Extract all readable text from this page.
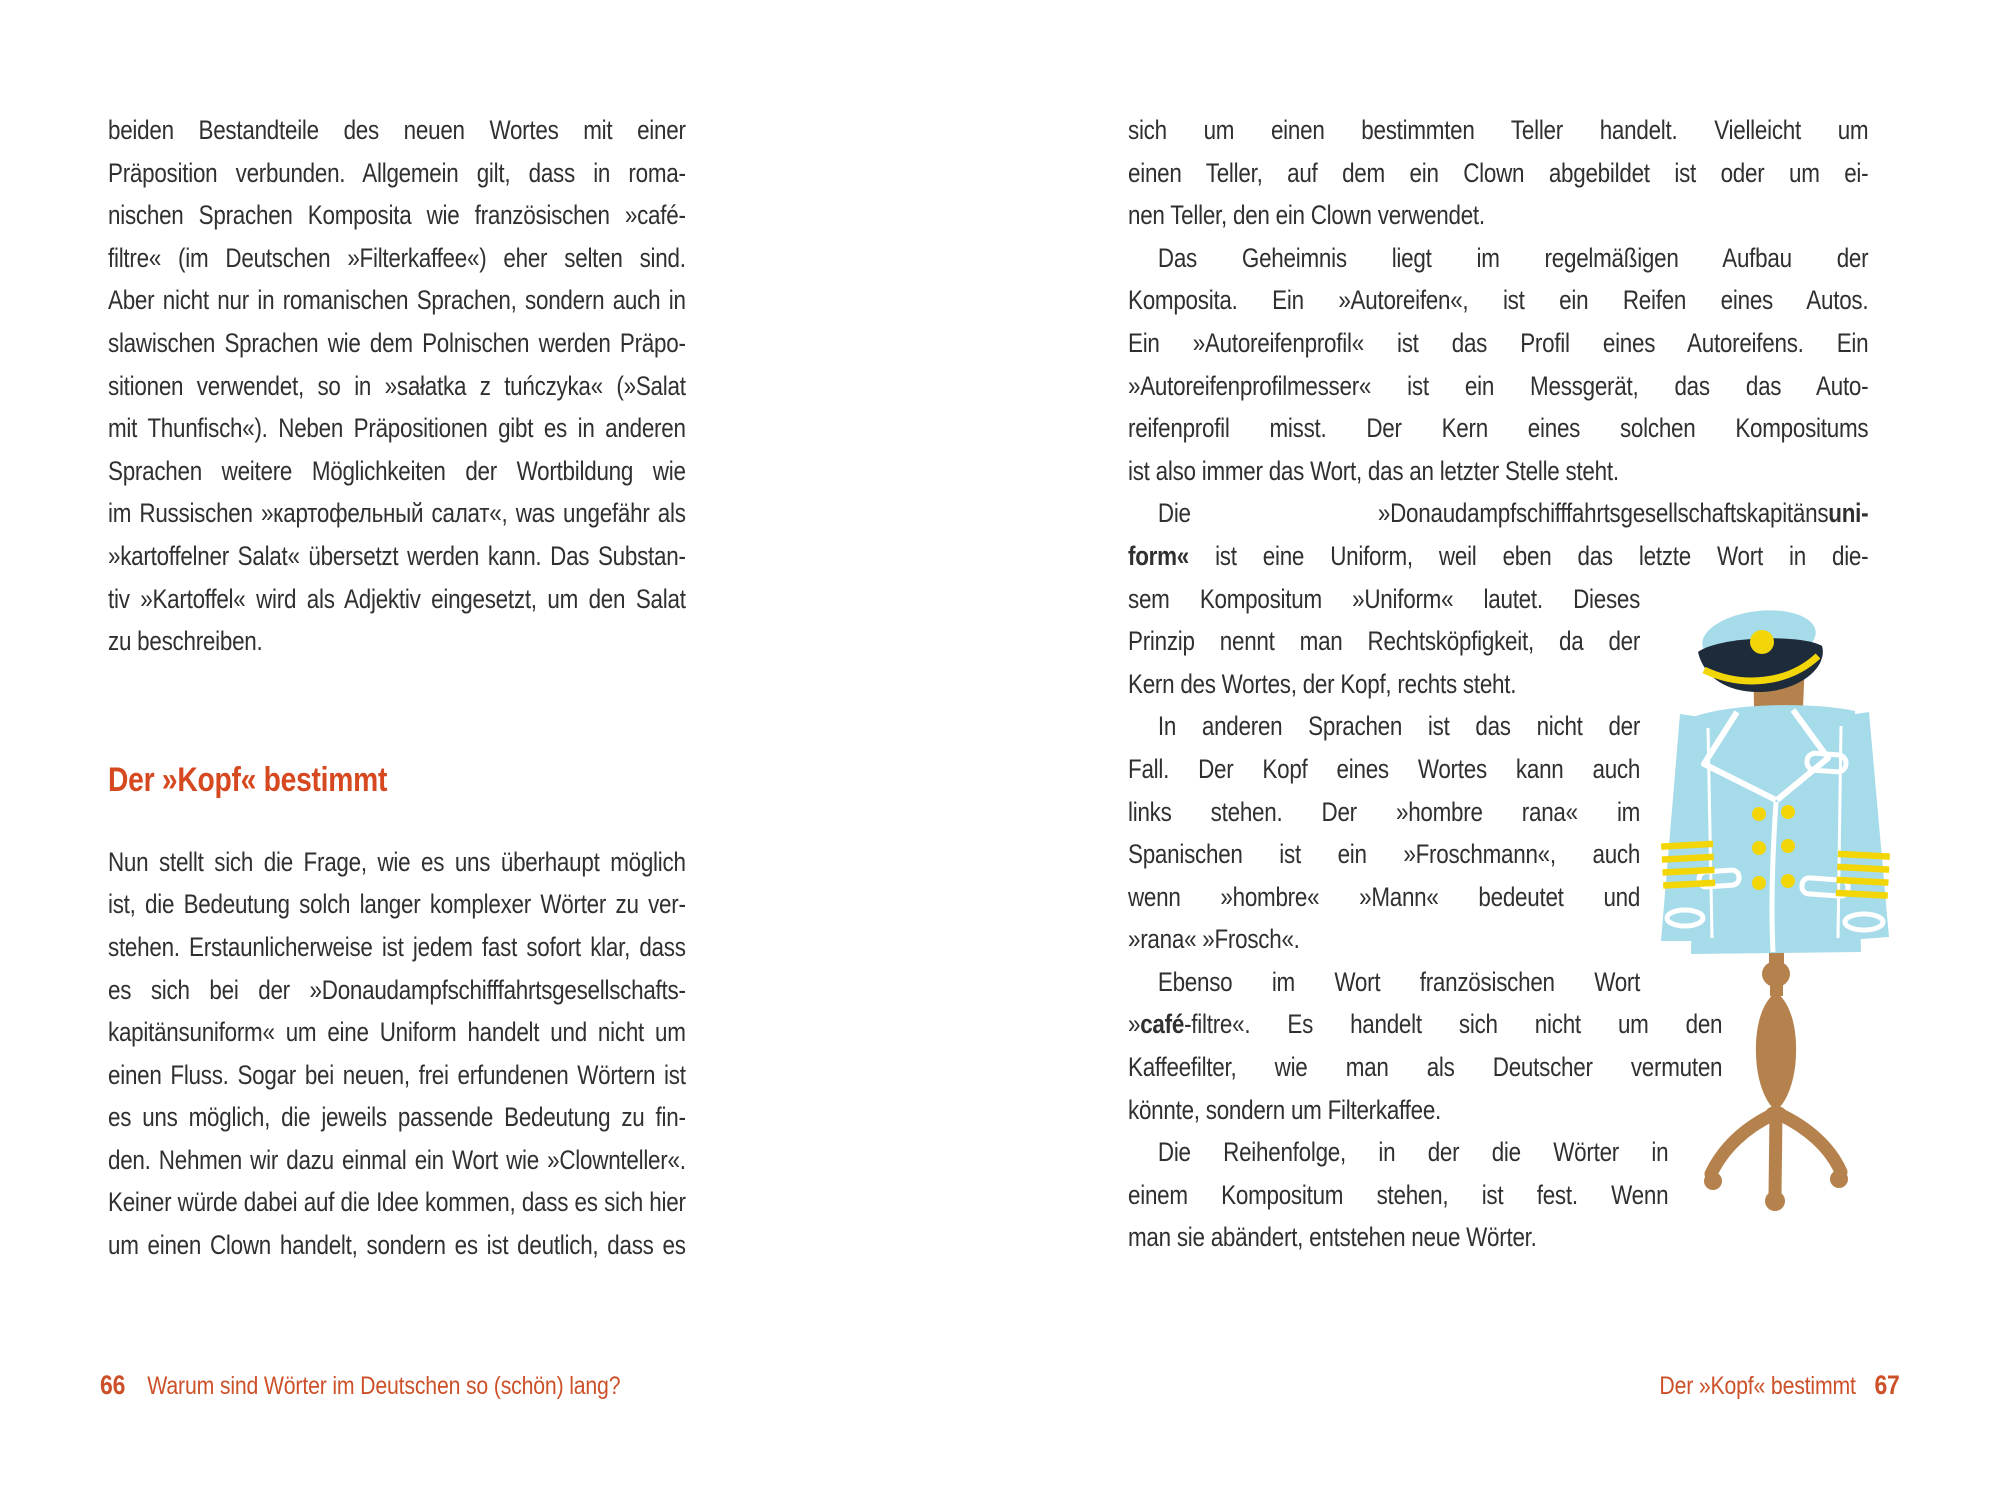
beiden Bestandteile des neuen Wortes mit einer
Präposition verbunden. Allgemein gilt, dass in roma-
nischen Sprachen Komposita wie französischen »café-
filtre« (im Deutschen »Filterkaffee«) eher selten sind.
Aber nicht nur in romanischen Sprachen, sondern auch in
slawischen Sprachen wie dem Polnischen werden Präpo-
sitionen verwendet, so in »sałatka z tuńczyka« (»Salat
mit Thunfisch«). Neben Präpositionen gibt es in anderen
Sprachen weitere Möglichkeiten der Wortbildung wie
im Russischen »картофельный салат«, was ungefähr als
»kartoffelner Salat« übersetzt werden kann. Das Substan-
tiv »Kartoffel« wird als Adjektiv eingesetzt, um den Salat
zu beschreiben.
Der »Kopf« bestimmt
Nun stellt sich die Frage, wie es uns überhaupt möglich
ist, die Bedeutung solch langer komplexer Wörter zu ver-
stehen. Erstaunlicherweise ist jedem fast sofort klar, dass
es sich bei der »Donaudampfschifffahrtsgesellschafts-
kapitänsuniform« um eine Uniform handelt und nicht um
einen Fluss. Sogar bei neuen, frei erfundenen Wörtern ist
es uns möglich, die jeweils passende Bedeutung zu fin-
den. Nehmen wir dazu einmal ein Wort wie »Clownteller«.
Keiner würde dabei auf die Idee kommen, dass es sich hier
um einen Clown handelt, sondern es ist deutlich, dass es
sich um einen bestimmten Teller handelt. Vielleicht um
einen Teller, auf dem ein Clown abgebildet ist oder um ei-
nen Teller, den ein Clown verwendet.
Das Geheimnis liegt im regelmäßigen Aufbau der
Komposita. Ein »Autoreifen«, ist ein Reifen eines Autos.
Ein »Autoreifenprofil« ist das Profil eines Autoreifens. Ein
»Autoreifenprofilmesser« ist ein Messgerät, das das Auto-
reifenprofil misst. Der Kern eines solchen Kompositums
ist also immer das Wort, das an letzter Stelle steht.
Die »Donaudampfschifffahrtsgesellschaftskapitänsuni-
form« ist eine Uniform, weil eben das letzte Wort in die-
sem Kompositum »Uniform« lautet. Dieses
Prinzip nennt man Rechtsköpfigkeit, da der
Kern des Wortes, der Kopf, rechts steht.
In anderen Sprachen ist das nicht der
Fall. Der Kopf eines Wortes kann auch
links stehen. Der »hombre rana« im
Spanischen ist ein »Froschmann«, auch
wenn »hombre« »Mann« bedeutet und
»rana« »Frosch«.
Ebenso im Wort französischen Wort
»café-filtre«. Es handelt sich nicht um den
Kaffeefilter, wie man als Deutscher vermuten
könnte, sondern um Filterkaffee.
Die Reihenfolge, in der die Wörter in
einem Kompositum stehen, ist fest. Wenn
man sie abändert, entstehen neue Wörter.
66 Warum sind Wörter im Deutschen so (schön) lang?	Der »Kopf« bestimmt 67
